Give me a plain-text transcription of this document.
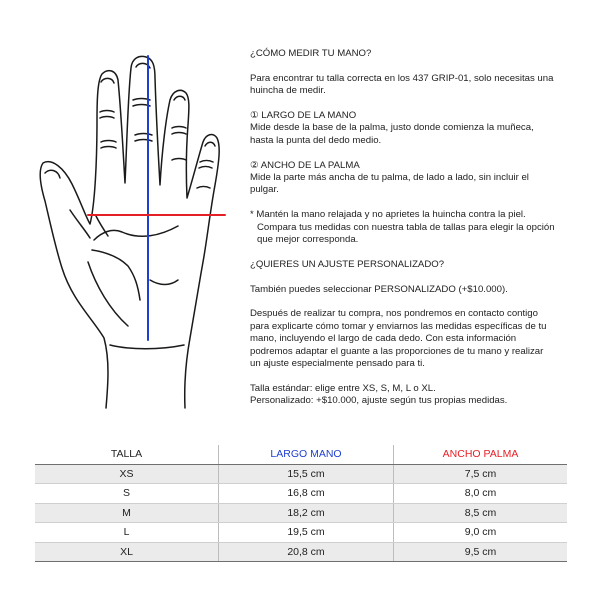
¿CÓMO MEDIR TU MANO?

Para encontrar tu talla correcta en los 437 GRIP-01, solo necesitas una
huincha de medir.

① LARGO DE LA MANO
Mide desde la base de la palma, justo donde comienza la muñeca,
hasta la punta del dedo medio.

② ANCHO DE LA PALMA
Mide la parte más ancha de tu palma, de lado a lado, sin incluir el
pulgar.

* Mantén la mano relajada y no aprietes la huincha contra la piel.
Compara tus medidas con nuestra tabla de tallas para elegir la opción
que mejor corresponda.

¿QUIERES UN AJUSTE PERSONALIZADO?

También puedes seleccionar PERSONALIZADO (+$10.000).

Después de realizar tu compra, nos pondremos en contacto contigo
para explicarte cómo tomar y enviarnos las medidas específicas de tu
mano, incluyendo el largo de cada dedo. Con esta información
podremos adaptar el guante a las proporciones de tu mano y realizar
un ajuste especialmente pensado para ti.

Talla estándar: elige entre XS, S, M, L o XL.
Personalizado: +$10.000, ajuste según tus propias medidas.

TALLA	LARGO MANO	ANCHO PALMA
XS	15,5 cm	7,5 cm
S	16,8 cm	8,0 cm
M	18,2 cm	8,5 cm
L	19,5 cm	9,0 cm
XL	20,8 cm	9,5 cm
